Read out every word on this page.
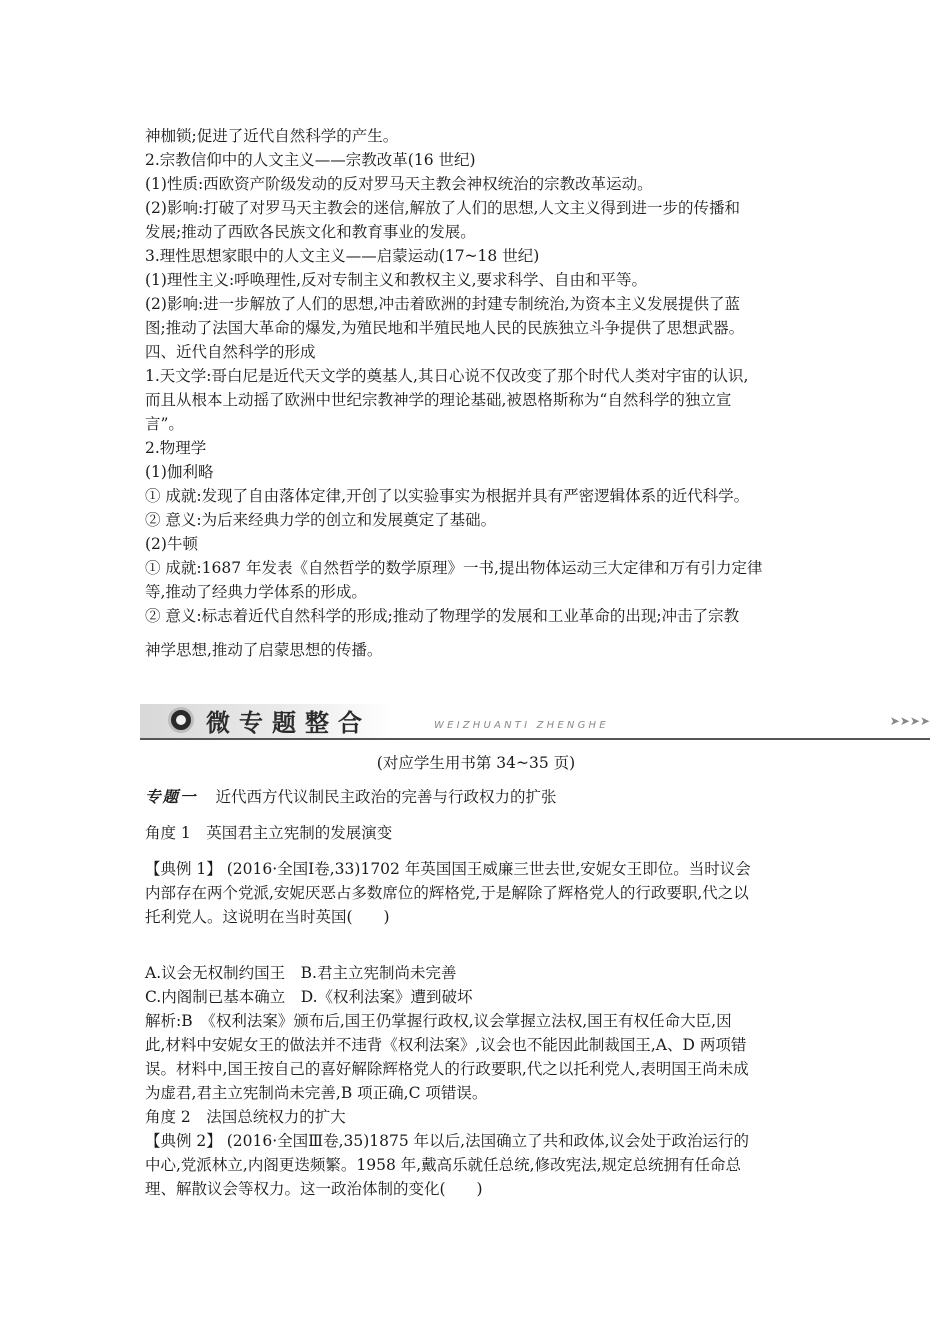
神枷锁;促进了近代自然科学的产生。
2.宗教信仰中的人文主义——宗教改革(16 世纪)
(1)性质:西欧资产阶级发动的反对罗马天主教会神权统治的宗教改革运动。
(2)影响:打破了对罗马天主教会的迷信,解放了人们的思想,人文主义得到进一步的传播和
发展;推动了西欧各民族文化和教育事业的发展。
3.理性思想家眼中的人文主义——启蒙运动(17~18 世纪)
(1)理性主义:呼唤理性,反对专制主义和教权主义,要求科学、自由和平等。
(2)影响:进一步解放了人们的思想,冲击着欧洲的封建专制统治,为资本主义发展提供了蓝
图;推动了法国大革命的爆发,为殖民地和半殖民地人民的民族独立斗争提供了思想武器。
四、近代自然科学的形成
1.天文学:哥白尼是近代天文学的奠基人,其日心说不仅改变了那个时代人类对宇宙的认识,
而且从根本上动摇了欧洲中世纪宗教神学的理论基础,被恩格斯称为“自然科学的独立宣
言”。
2.物理学
(1)伽利略
① 成就:发现了自由落体定律,开创了以实验事实为根据并具有严密逻辑体系的近代科学。
② 意义:为后来经典力学的创立和发展奠定了基础。
(2)牛顿
① 成就:1687 年发表《自然哲学的数学原理》一书,提出物体运动三大定律和万有引力定律
等,推动了经典力学体系的形成。
② 意义:标志着近代自然科学的形成;推动了物理学的发展和工业革命的出现;冲击了宗教
神学思想,推动了启蒙思想的传播。
微专题整合	WEIZHUANTI ZHENGHE	➤➤➤➤
(对应学生用书第 34~35 页)
专题一 近代西方代议制民主政治的完善与行政权力的扩张
角度 1　英国君主立宪制的发展演变
【典例 1】 (2016·全国Ⅰ卷,33)1702 年英国国王威廉三世去世,安妮女王即位。当时议会
内部存在两个党派,安妮厌恶占多数席位的辉格党,于是解除了辉格党人的行政要职,代之以
托利党人。这说明在当时英国(　　)
A.议会无权制约国王　B.君主立宪制尚未完善
C.内阁制已基本确立　D.《权利法案》遭到破坏
解析:B　《权利法案》颁布后,国王仍掌握行政权,议会掌握立法权,国王有权任命大臣,因
此,材料中安妮女王的做法并不违背《权利法案》,议会也不能因此制裁国王,A、D 两项错
误。材料中,国王按自己的喜好解除辉格党人的行政要职,代之以托利党人,表明国王尚未成
为虚君,君主立宪制尚未完善,B 项正确,C 项错误。
角度 2　法国总统权力的扩大
【典例 2】 (2016·全国Ⅲ卷,35)1875 年以后,法国确立了共和政体,议会处于政治运行的
中心,党派林立,内阁更迭频繁。1958 年,戴高乐就任总统,修改宪法,规定总统拥有任命总
理、解散议会等权力。这一政治体制的变化(　　)
